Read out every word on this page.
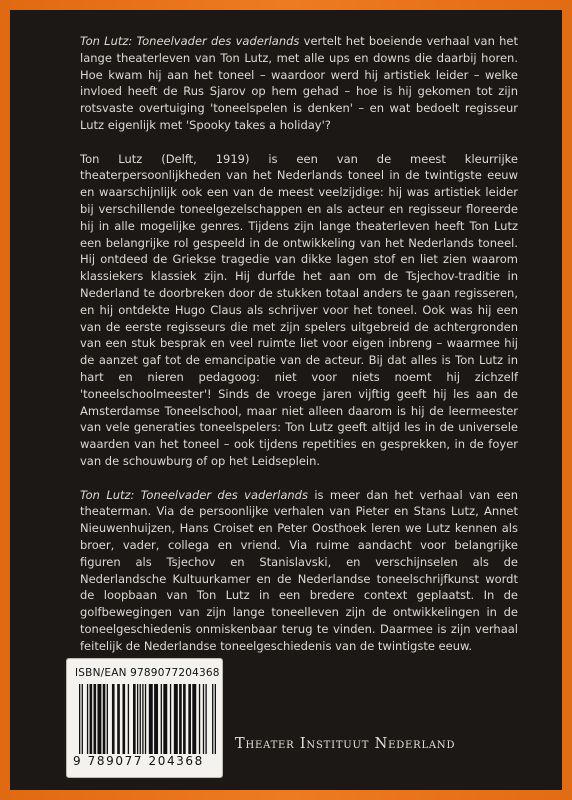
Ton Lutz: Toneelvader des vaderlands vertelt het boeiende verhaal van het lange theaterleven van Ton Lutz, met alle ups en downs die daarbij horen. Hoe kwam hij aan het toneel – waardoor werd hij artistiek leider – welke invloed heeft de Rus Sjarov op hem gehad – hoe is hij gekomen tot zijn rotsvaste overtuiging 'toneelspelen is denken' – en wat bedoelt regisseur Lutz eigenlijk met 'Spooky takes a holiday'?

Ton Lutz (Delft, 1919) is een van de meest kleurrijke theaterpersoonlijkheden van het Nederlands toneel in de twintigste eeuw en waarschijnlijk ook een van de meest veelzijdige: hij was artistiek leider bij verschillende toneelgezelschappen en als acteur en regisseur floreerde hij in alle mogelijke genres. Tijdens zijn lange theaterleven heeft Ton Lutz een belangrijke rol gespeeld in de ontwikkeling van het Nederlands toneel. Hij ontdeed de Griekse tragedie van dikke lagen stof en liet zien waarom klassiekers klassiek zijn. Hij durfde het aan om de Tsjechov-traditie in Nederland te doorbreken door de stukken totaal anders te gaan regisseren, en hij ontdekte Hugo Claus als schrijver voor het toneel. Ook was hij een van de eerste regisseurs die met zijn spelers uitgebreid de achtergronden van een stuk besprak en veel ruimte liet voor eigen inbreng – waarmee hij de aanzet gaf tot de emancipatie van de acteur. Bij dat alles is Ton Lutz in hart en nieren pedagoog: niet voor niets noemt hij zichzelf 'toneelschoolmeester'! Sinds de vroege jaren vijftig geeft hij les aan de Amsterdamse Toneelschool, maar niet alleen daarom is hij de leermeester van vele generaties toneelspelers: Ton Lutz geeft altijd les in de universele waarden van het toneel – ook tijdens repetities en gesprekken, in de foyer van de schouwburg of op het Leidseplein.

Ton Lutz: Toneelvader des vaderlands is meer dan het verhaal van een theaterman. Via de persoonlijke verhalen van Pieter en Stans Lutz, Annet Nieuwenhuijzen, Hans Croiset en Peter Oosthoek leren we Lutz kennen als broer, vader, collega en vriend. Via ruime aandacht voor belangrijke figuren als Tsjechov en Stanislavski, en verschijnselen als de Nederlandsche Kultuurkamer en de Nederlandse toneelschrijfkunst wordt de loopbaan van Ton Lutz in een bredere context geplaatst. In de golfbewegingen van zijn lange toneelleven zijn de ontwikkelingen in de toneelgeschiedenis onmiskenbaar terug te vinden. Daarmee is zijn verhaal feitelijk de Nederlandse toneelgeschiedenis van de twintigste eeuw.

ISBN/EAN 9789077204368
9 789077 204368
Theater Instituut Nederland
